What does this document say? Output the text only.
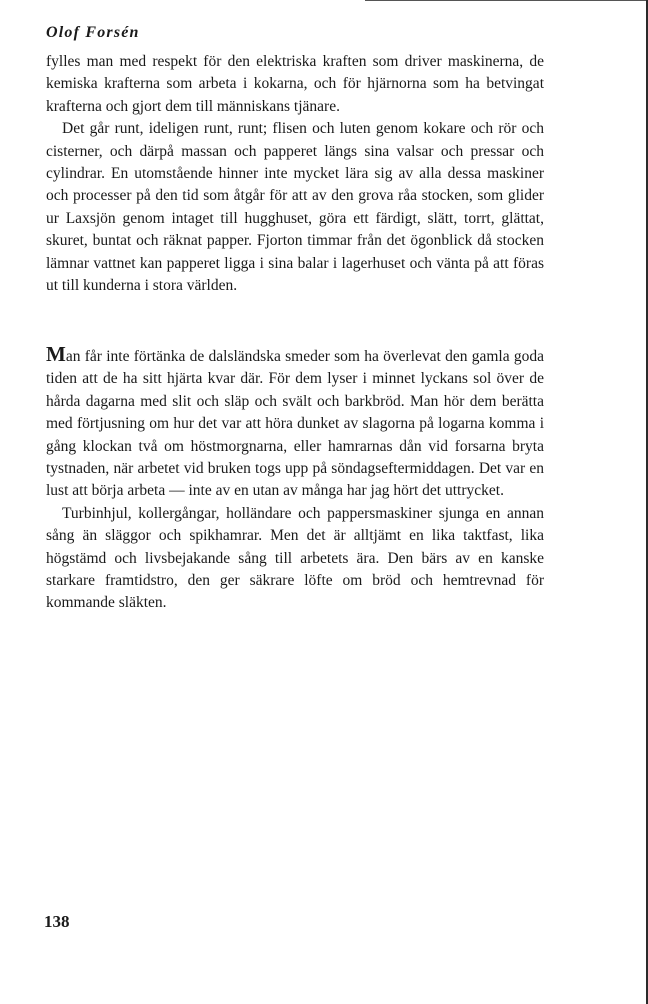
Olof Forsén

fylles man med respekt för den elektriska kraften som driver maskinerna, de kemiska krafterna som arbeta i kokarna, och för hjärnorna som ha betvingat krafterna och gjort dem till människans tjänare.

Det går runt, ideligen runt, runt; flisen och luten genom kokare och rör och cisterner, och därpå massan och papperet längs sina valsar och pressar och cylindrar. En utomstående hinner inte mycket lära sig av alla dessa maskiner och processer på den tid som åtgår för att av den grova råa stocken, som glider ur Laxsjön genom intaget till hugghuset, göra ett färdigt, slätt, torrt, glättat, skuret, buntat och räknat papper. Fjorton timmar från det ögonblick då stocken lämnar vattnet kan papperet ligga i sina balar i lagerhuset och vänta på att föras ut till kunderna i stora världen.

Man får inte förtänka de dalsländska smeder som ha överlevat den gamla goda tiden att de ha sitt hjärta kvar där. För dem lyser i minnet lyckans sol över de hårda dagarna med slit och släp och svält och barkbröd. Man hör dem berätta med förtjusning om hur det var att höra dunket av slagorna på logarna komma i gång klockan två om höstmorgnarna, eller hamrarnas dån vid forsarna bryta tystnaden, när arbetet vid bruken togs upp på söndagseftermiddagen. Det var en lust att börja arbeta — inte av en utan av många har jag hört det uttrycket.

Turbinhjul, kollergångar, holländare och pappersmaskiner sjunga en annan sång än släggor och spikhamrar. Men det är alltjämt en lika taktfast, lika högstämd och livsbejakande sång till arbetets ära. Den bärs av en kanske starkare framtidstro, den ger säkrare löfte om bröd och hemtrevnad för kommande släkten.

138
